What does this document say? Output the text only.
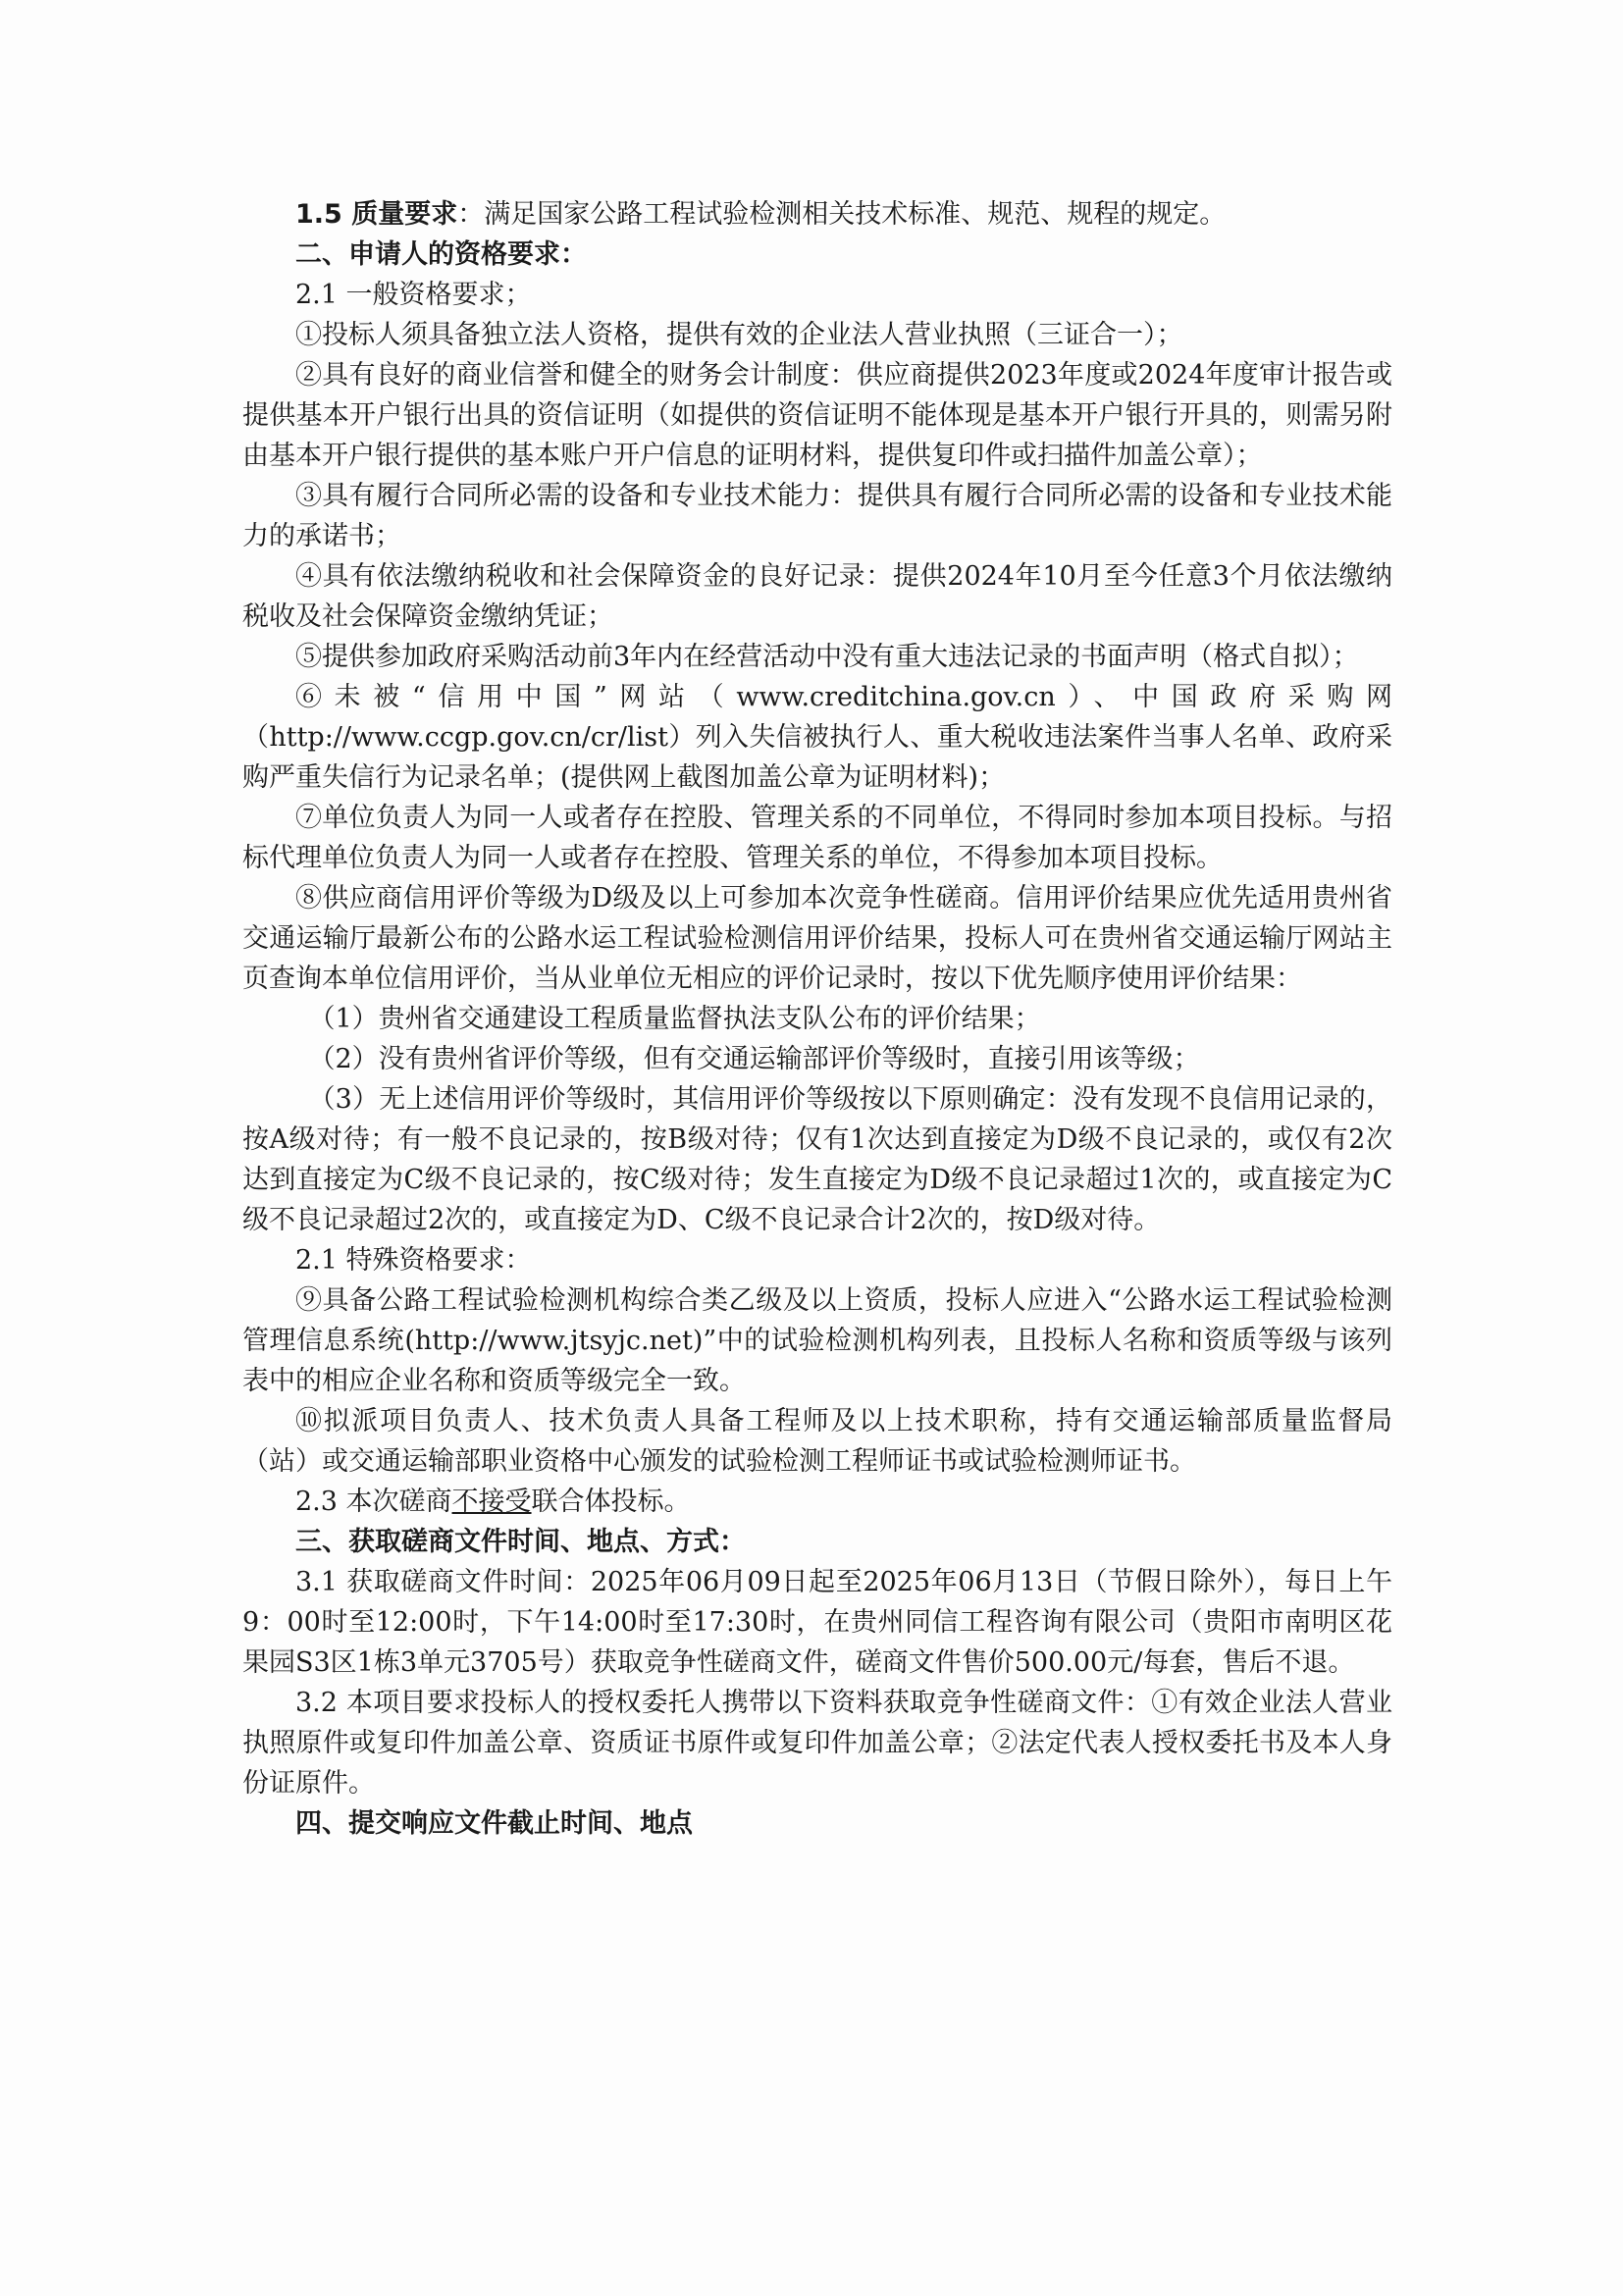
1.5 质量要求：满足国家公路工程试验检测相关技术标准、规范、规程的规定。

二、申请人的资格要求：

2.1 一般资格要求；

①投标人须具备独立法人资格，提供有效的企业法人营业执照（三证合一）；

②具有良好的商业信誉和健全的财务会计制度：供应商提供2023年度或2024年度审计报告或提供基本开户银行出具的资信证明（如提供的资信证明不能体现是基本开户银行开具的，则需另附由基本开户银行提供的基本账户开户信息的证明材料，提供复印件或扫描件加盖公章）；

③具有履行合同所必需的设备和专业技术能力：提供具有履行合同所必需的设备和专业技术能力的承诺书；

④具有依法缴纳税收和社会保障资金的良好记录：提供2024年10月至今任意3个月依法缴纳税收及社会保障资金缴纳凭证；

⑤提供参加政府采购活动前3年内在经营活动中没有重大违法记录的书面声明（格式自拟）；

⑥未被“信用中国”网站（www.creditchina.gov.cn）、中国政府采购网（http://www.ccgp.gov.cn/cr/list）列入失信被执行人、重大税收违法案件当事人名单、政府采购严重失信行为记录名单；(提供网上截图加盖公章为证明材料)；

⑦单位负责人为同一人或者存在控股、管理关系的不同单位，不得同时参加本项目投标。与招标代理单位负责人为同一人或者存在控股、管理关系的单位，不得参加本项目投标。

⑧供应商信用评价等级为D级及以上可参加本次竞争性磋商。信用评价结果应优先适用贵州省交通运输厅最新公布的公路水运工程试验检测信用评价结果，投标人可在贵州省交通运输厅网站主页查询本单位信用评价，当从业单位无相应的评价记录时，按以下优先顺序使用评价结果：

（1）贵州省交通建设工程质量监督执法支队公布的评价结果；

（2）没有贵州省评价等级，但有交通运输部评价等级时，直接引用该等级；

（3）无上述信用评价等级时，其信用评价等级按以下原则确定：没有发现不良信用记录的，按A级对待；有一般不良记录的，按B级对待；仅有1次达到直接定为D级不良记录的，或仅有2次达到直接定为C级不良记录的，按C级对待；发生直接定为D级不良记录超过1次的，或直接定为C级不良记录超过2次的，或直接定为D、C级不良记录合计2次的，按D级对待。

2.1 特殊资格要求：

⑨具备公路工程试验检测机构综合类乙级及以上资质，投标人应进入“公路水运工程试验检测管理信息系统(http://www.jtsyjc.net)”中的试验检测机构列表，且投标人名称和资质等级与该列表中的相应企业名称和资质等级完全一致。

⑩拟派项目负责人、技术负责人具备工程师及以上技术职称，持有交通运输部质量监督局（站）或交通运输部职业资格中心颁发的试验检测工程师证书或试验检测师证书。

2.3 本次磋商不接受联合体投标。

三、获取磋商文件时间、地点、方式：

3.1 获取磋商文件时间：2025年06月09日起至2025年06月13日（节假日除外），每日上午9：00时至12:00时，下午14:00时至17:30时，在贵州同信工程咨询有限公司（贵阳市南明区花果园S3区1栋3单元3705号）获取竞争性磋商文件，磋商文件售价500.00元/每套，售后不退。

3.2 本项目要求投标人的授权委托人携带以下资料获取竞争性磋商文件：①有效企业法人营业执照原件或复印件加盖公章、资质证书原件或复印件加盖公章；②法定代表人授权委托书及本人身份证原件。

四、提交响应文件截止时间、地点
